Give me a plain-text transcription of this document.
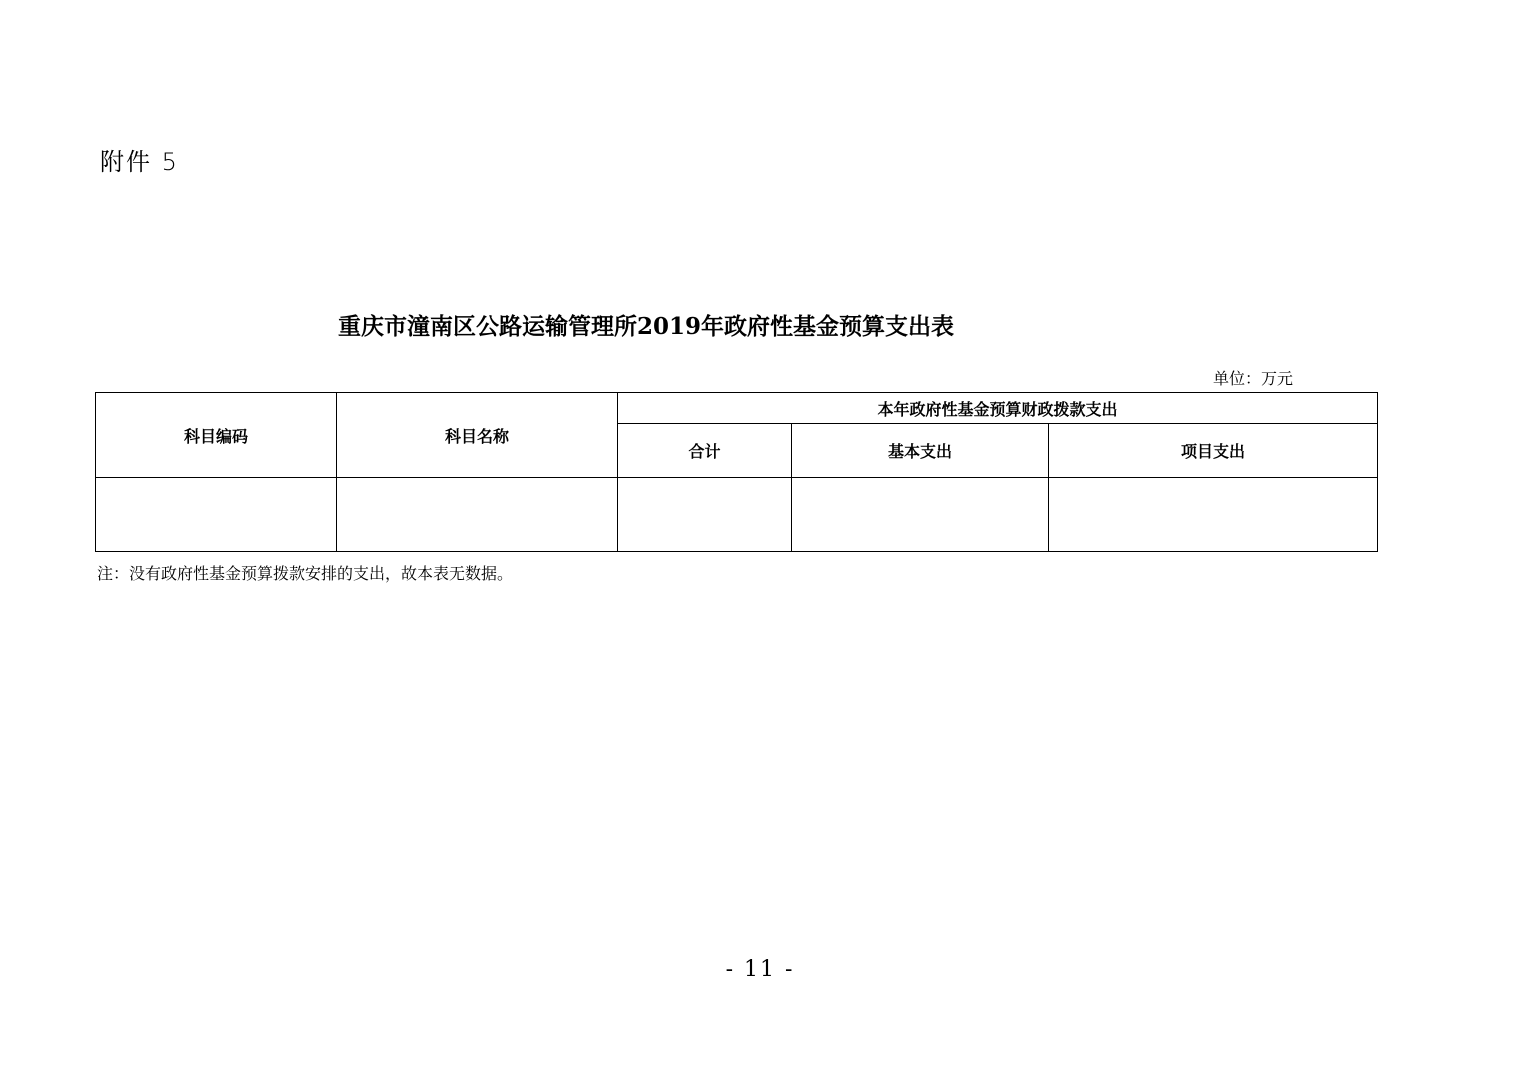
附件 5
重庆市潼南区公路运输管理所2019年政府性基金预算支出表
单位：万元
科目编码	科目名称	本年政府性基金预算财政拨款支出		
		合计	基本支出	项目支出

注：没有政府性基金预算拨款安排的支出，故本表无数据。
- 11 -
